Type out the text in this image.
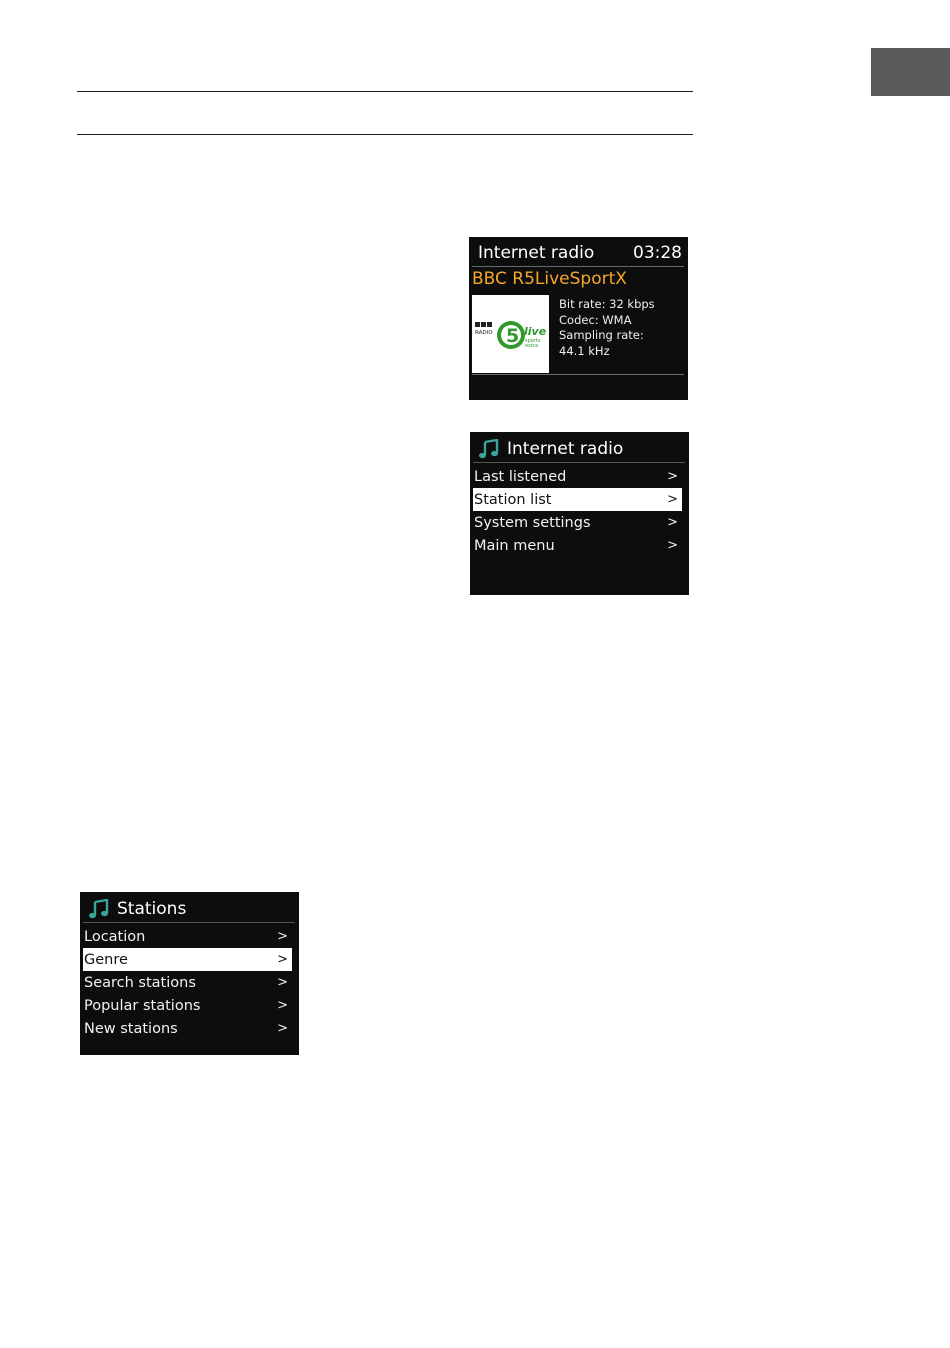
Internet radio 03:28
BBC R5LiveSportX
RADIO 5 live
sports
extra
Bit rate: 32 kbps
Codec: WMA
Sampling rate:
44.1 kHz
Internet radio
Last listened	>
Station list	>
System settings	>
Main menu	>
Stations
Location	>
Genre	>
Search stations	>
Popular stations	>
New stations	>
